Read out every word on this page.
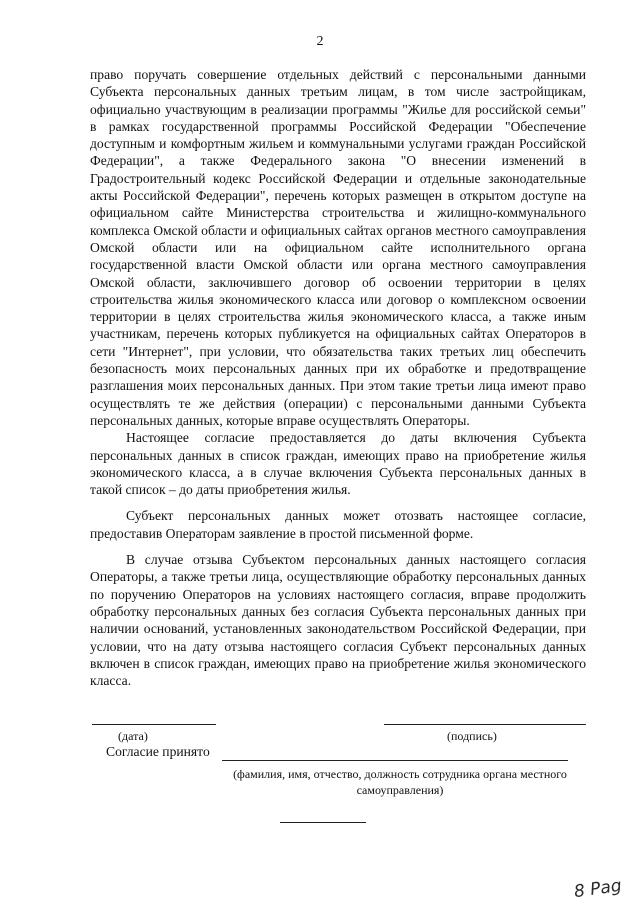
2

право поручать совершение отдельных действий с персональными данными Субъекта персональных данных третьим лицам, в том числе застройщикам, официально участвующим в реализации программы "Жилье для российской семьи" в рамках государственной программы Российской Федерации "Обеспечение доступным и комфортным жильем и коммунальными услугами граждан Российской Федерации", а также Федерального закона "О внесении изменений в Градостроительный кодекс Российской Федерации и отдельные законодательные акты Российской Федерации", перечень которых размещен в открытом доступе на официальном сайте Министерства строительства и жилищно-коммунального комплекса Омской области и официальных сайтах органов местного самоуправления Омской области или на официальном сайте исполнительного органа государственной власти Омской области или органа местного самоуправления Омской области, заключившего договор об освоении территории в целях строительства жилья экономического класса или договор о комплексном освоении территории в целях строительства жилья экономического класса, а также иным участникам, перечень которых публикуется на официальных сайтах Операторов в сети "Интернет", при условии, что обязательства таких третьих лиц обеспечить безопасность моих персональных данных при их обработке и предотвращение разглашения моих персональных данных. При этом такие третьи лица имеют право осуществлять те же действия (операции) с персональными данными Субъекта персональных данных, которые вправе осуществлять Операторы.

Настоящее согласие предоставляется до даты включения Субъекта персональных данных в список граждан, имеющих право на приобретение жилья экономического класса, а в случае включения Субъекта персональных данных в такой список – до даты приобретения жилья.

Субъект персональных данных может отозвать настоящее согласие, предоставив Операторам заявление в простой письменной форме.

В случае отзыва Субъектом персональных данных настоящего согласия Операторы, а также третьи лица, осуществляющие обработку персональных данных по поручению Операторов на условиях настоящего согласия, вправе продолжить обработку персональных данных без согласия Субъекта персональных данных при наличии оснований, установленных законодательством Российской Федерации, при условии, что на дату отзыва настоящего согласия Субъект персональных данных включен в список граждан, имеющих право на приобретение жилья экономического класса.

(дата)	(подпись)
Согласие принято
(фамилия, имя, отчество, должность сотрудника органа местного самоуправления)
8 Pag
